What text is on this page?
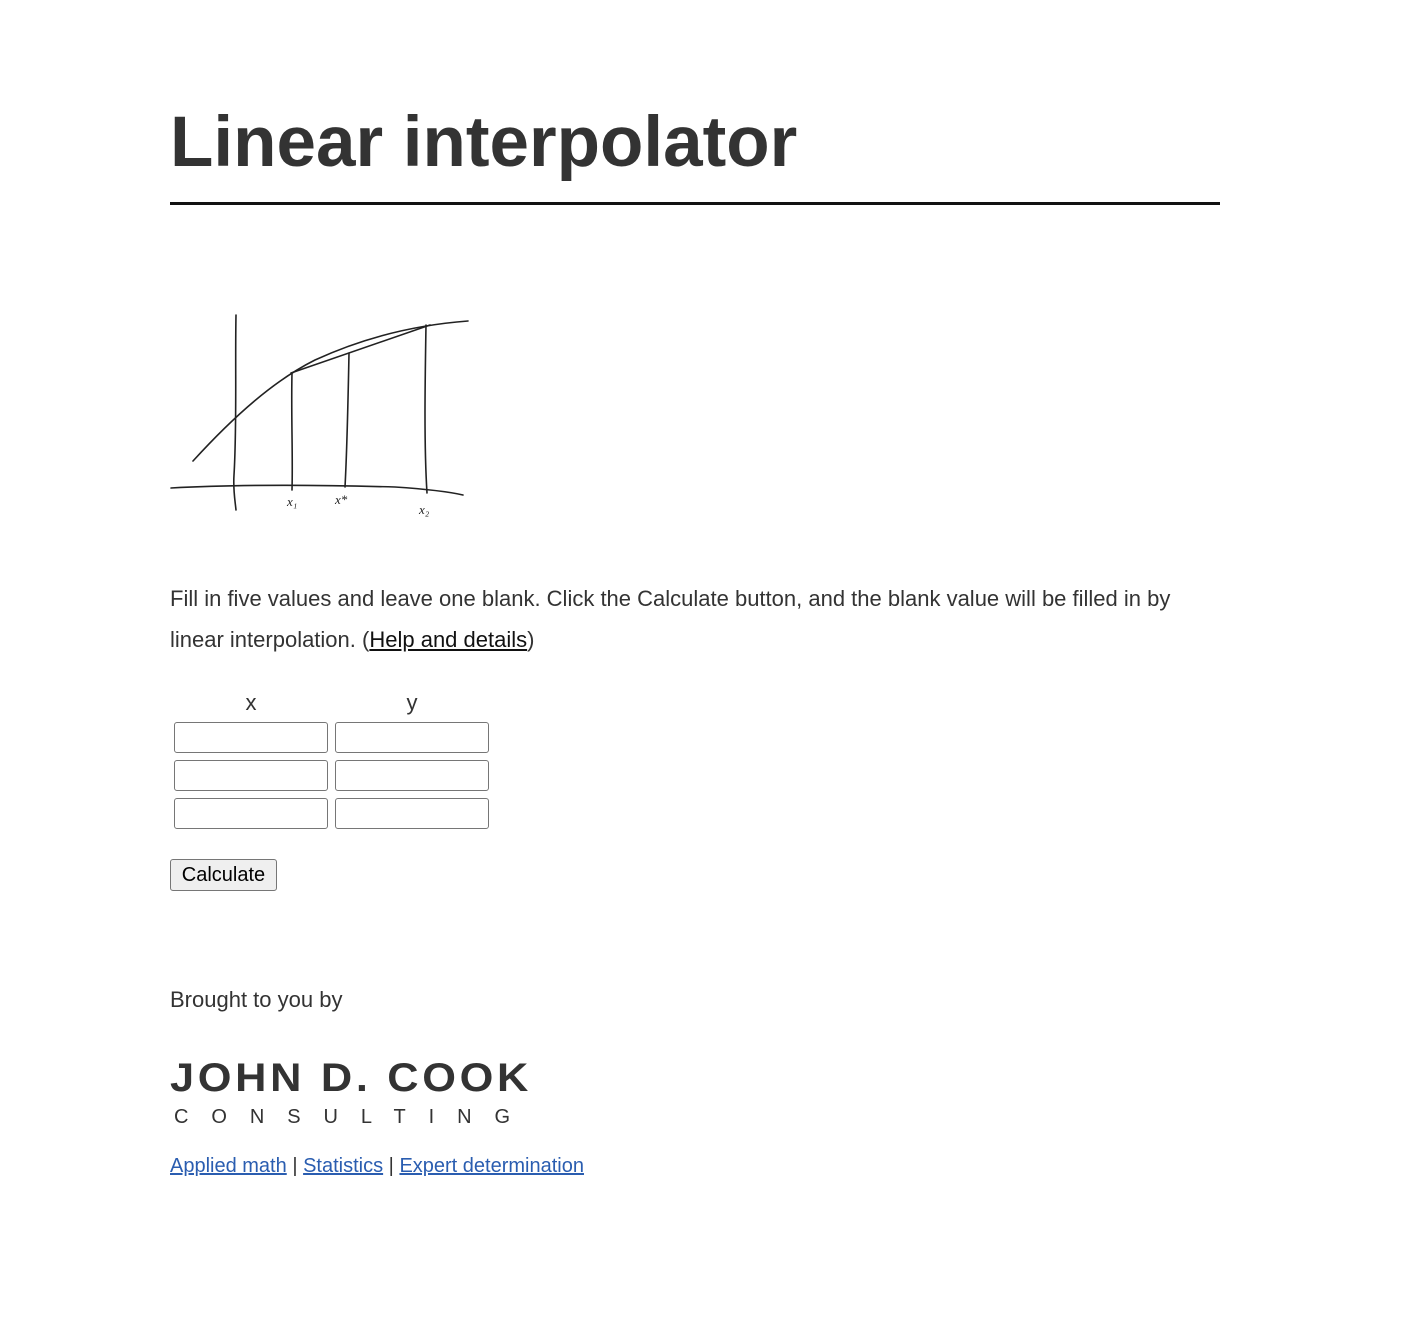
Linear interpolator
x₁	x*
x₂

Fill in five values and leave one blank. Click the Calculate button, and the blank value will be filled in by linear interpolation. (Help and details)

x	y
Calculate

Brought to you by

JOHN D. COOK
CONSULTING
Applied math | Statistics | Expert determination
